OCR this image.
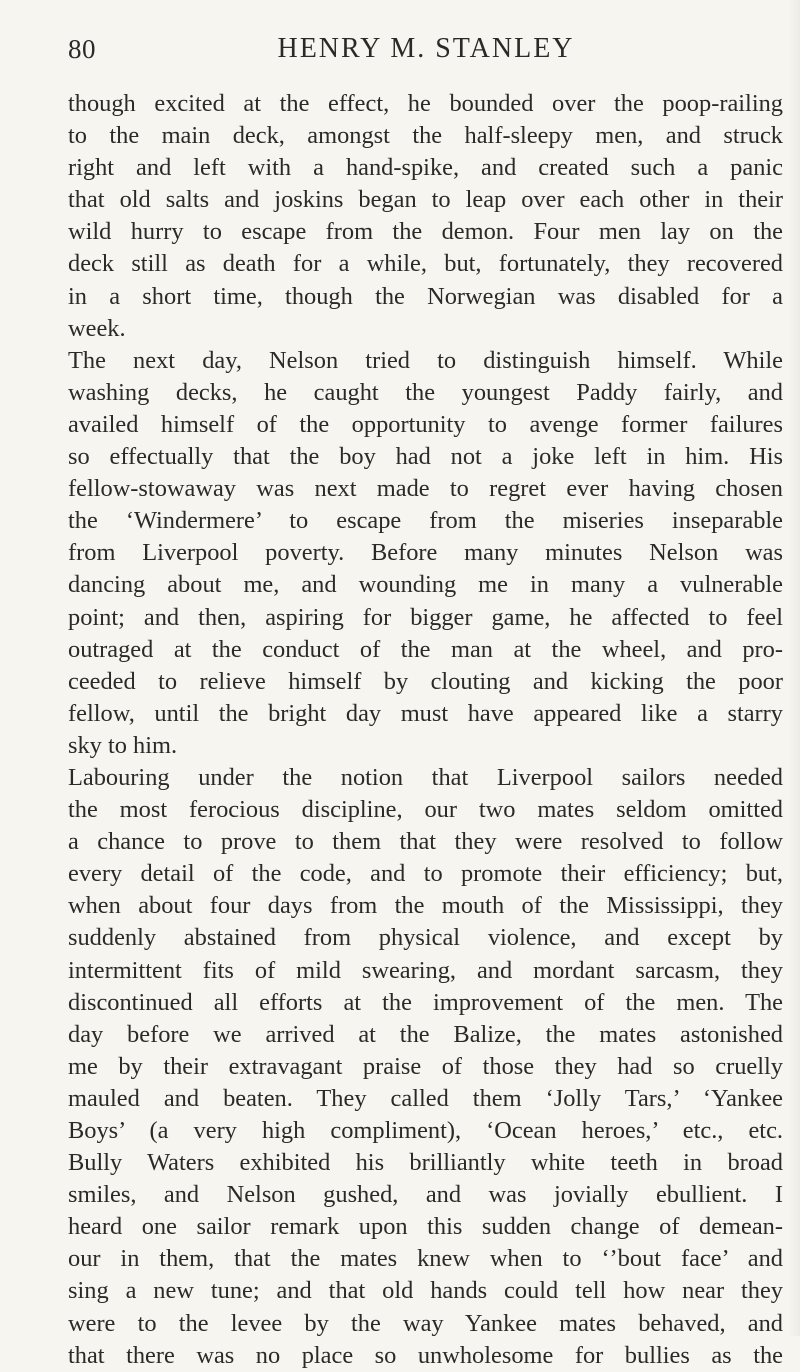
80	HENRY M. STANLEY
though excited at the effect, he bounded over the poop-railing
to the main deck, amongst the half-sleepy men, and struck
right and left with a hand-spike, and created such a panic
that old salts and joskins began to leap over each other in their
wild hurry to escape from the demon. Four men lay on the
deck still as death for a while, but, fortunately, they recovered
in a short time, though the Norwegian was disabled for a
week.
The next day, Nelson tried to distinguish himself. While
washing decks, he caught the youngest Paddy fairly, and
availed himself of the opportunity to avenge former failures
so effectually that the boy had not a joke left in him. His
fellow-stowaway was next made to regret ever having chosen
the ‘Windermere’ to escape from the miseries inseparable
from Liverpool poverty. Before many minutes Nelson was
dancing about me, and wounding me in many a vulnerable
point; and then, aspiring for bigger game, he affected to feel
outraged at the conduct of the man at the wheel, and pro-
ceeded to relieve himself by clouting and kicking the poor
fellow, until the bright day must have appeared like a starry
sky to him.
Labouring under the notion that Liverpool sailors needed
the most ferocious discipline, our two mates seldom omitted
a chance to prove to them that they were resolved to follow
every detail of the code, and to promote their efficiency; but,
when about four days from the mouth of the Mississippi, they
suddenly abstained from physical violence, and except by
intermittent fits of mild swearing, and mordant sarcasm, they
discontinued all efforts at the improvement of the men. The
day before we arrived at the Balize, the mates astonished
me by their extravagant praise of those they had so cruelly
mauled and beaten. They called them ‘Jolly Tars,’ ‘Yankee
Boys’ (a very high compliment), ‘Ocean heroes,’ etc., etc.
Bully Waters exhibited his brilliantly white teeth in broad
smiles, and Nelson gushed, and was jovially ebullient. I
heard one sailor remark upon this sudden change of demean-
our in them, that the mates knew when to ‘’bout face’ and
sing a new tune; and that old hands could tell how near they
were to the levee by the way Yankee mates behaved, and
that there was no place so unwholesome for bullies as the
